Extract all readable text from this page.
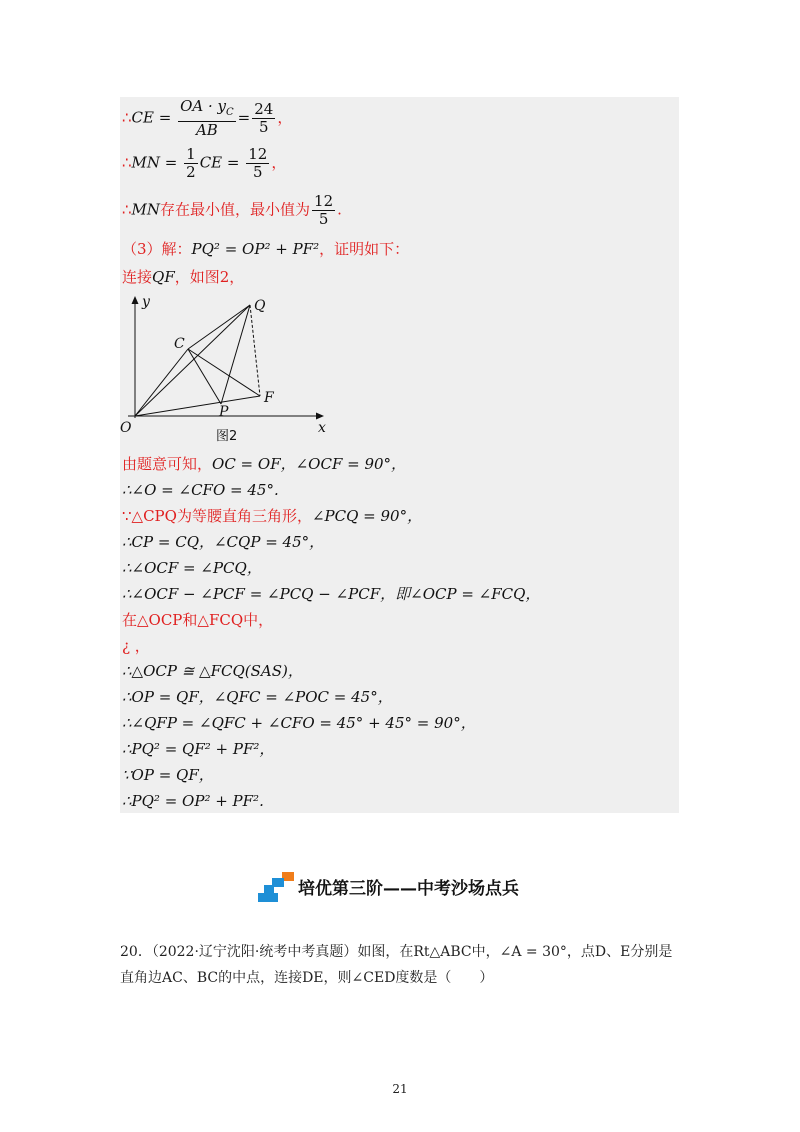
∴CE = $\frac{OA \cdot y_C}{AB} = \frac{24}{5}$ ，
∴MN = $\frac{1}{2}$ CE = $\frac{12}{5}$ ，
∴MN存在最小值，最小值为 $\frac{12}{5}$ .
（3）解：PQ² = OP² + PF²，证明如下：
连接QF，如图2，
y	Q
C
F
P
O	x
图2
由题意可知，OC = OF，∠OCF = 90°，
∴∠O = ∠CFO = 45°.
∵△CPQ为等腰直角三角形，∠PCQ = 90°，
∴CP = CQ，∠CQP = 45°，
∴∠OCF = ∠PCQ，
∴∠OCF − ∠PCF = ∠PCQ − ∠PCF，即∠OCP = ∠FCQ，
在△OCP和△FCQ中，
¿ ，
∴△OCP ≅ △FCQ(SAS)，
∴OP = QF，∠QFC = ∠POC = 45°，
∴∠QFP = ∠QFC + ∠CFO = 45° + 45° = 90°，
∴PQ² = QF² + PF²，
∵OP = QF，
∴PQ² = OP² + PF².
培优第三阶——中考沙场点兵
20．（2022·辽宁沈阳·统考中考真题）如图，在Rt△ABC中，∠A = 30°，点D、E分别是
直角边AC、BC的中点，连接DE，则∠CED度数是（　　）
21
